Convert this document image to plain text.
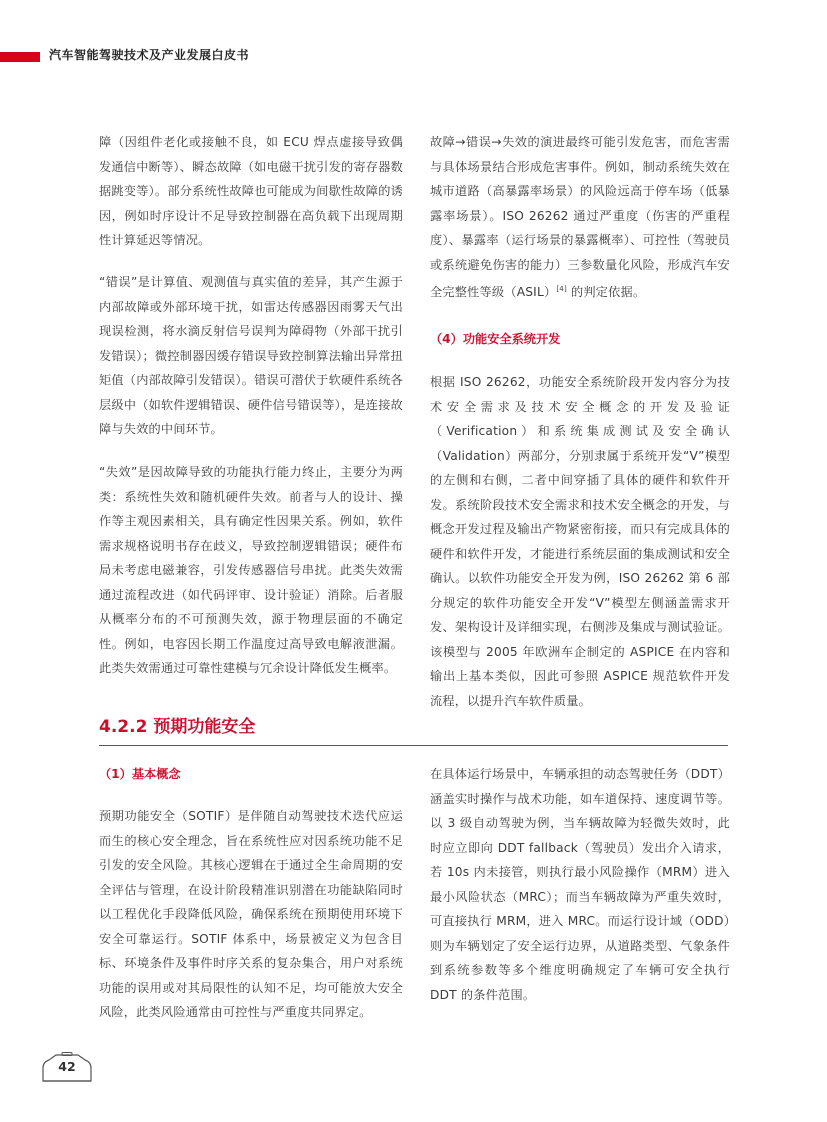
汽车智能驾驶技术及产业发展白皮书

障（因组件老化或接触不良，如 ECU 焊点虚接导致偶发通信中断等）、瞬态故障（如电磁干扰引发的寄存器数据跳变等）。部分系统性故障也可能成为间歇性故障的诱因，例如时序设计不足导致控制器在高负载下出现周期性计算延迟等情况。

“错误”是计算值、观测值与真实值的差异，其产生源于内部故障或外部环境干扰，如雷达传感器因雨雾天气出现误检测，将水滴反射信号误判为障碍物（外部干扰引发错误）；微控制器因缓存错误导致控制算法输出异常扭矩值（内部故障引发错误）。错误可潜伏于软硬件系统各层级中（如软件逻辑错误、硬件信号错误等），是连接故障与失效的中间环节。

“失效”是因故障导致的功能执行能力终止，主要分为两类：系统性失效和随机硬件失效。前者与人的设计、操作等主观因素相关，具有确定性因果关系。例如，软件需求规格说明书存在歧义，导致控制逻辑错误；硬件布局未考虑电磁兼容，引发传感器信号串扰。此类失效需通过流程改进（如代码评审、设计验证）消除。后者服从概率分布的不可预测失效，源于物理层面的不确定性。例如，电容因长期工作温度过高导致电解液泄漏。此类失效需通过可靠性建模与冗余设计降低发生概率。

故障→错误→失效的演进最终可能引发危害，而危害需与具体场景结合形成危害事件。例如，制动系统失效在城市道路（高暴露率场景）的风险远高于停车场（低暴露率场景）。ISO 26262 通过严重度（伤害的严重程度）、暴露率（运行场景的暴露概率）、可控性（驾驶员或系统避免伤害的能力）三参数量化风险，形成汽车安全完整性等级（ASIL）[4] 的判定依据。

（4）功能安全系统开发

根据 ISO 26262，功能安全系统阶段开发内容分为技术安全需求及技术安全概念的开发及验证（Verification）和系统集成测试及安全确认（Validation）两部分，分别隶属于系统开发“V”模型的左侧和右侧，二者中间穿插了具体的硬件和软件开发。系统阶段技术安全需求和技术安全概念的开发，与概念开发过程及输出产物紧密衔接，而只有完成具体的硬件和软件开发，才能进行系统层面的集成测试和安全确认。以软件功能安全开发为例，ISO 26262 第 6 部分规定的软件功能安全开发“V”模型左侧涵盖需求开发、架构设计及详细实现，右侧涉及集成与测试验证。该模型与 2005 年欧洲车企制定的 ASPICE 在内容和输出上基本类似，因此可参照 ASPICE 规范软件开发流程，以提升汽车软件质量。

4.2.2 预期功能安全

（1）基本概念

预期功能安全（SOTIF）是伴随自动驾驶技术迭代应运而生的核心安全理念，旨在系统性应对因系统功能不足引发的安全风险。其核心逻辑在于通过全生命周期的安全评估与管理，在设计阶段精准识别潜在功能缺陷同时以工程优化手段降低风险，确保系统在预期使用环境下安全可靠运行。SOTIF 体系中，场景被定义为包含目标、环境条件及事件时序关系的复杂集合，用户对系统功能的误用或对其局限性的认知不足，均可能放大安全风险，此类风险通常由可控性与严重度共同界定。

在具体运行场景中，车辆承担的动态驾驶任务（DDT）涵盖实时操作与战术功能，如车道保持、速度调节等。以 3 级自动驾驶为例，当车辆故障为轻微失效时，此时应立即向 DDT fallback（驾驶员）发出介入请求，若 10s 内未接管，则执行最小风险操作（MRM）进入最小风险状态（MRC）；而当车辆故障为严重失效时，可直接执行 MRM，进入 MRC。而运行设计域（ODD）则为车辆划定了安全运行边界，从道路类型、气象条件到系统参数等多个维度明确规定了车辆可安全执行 DDT 的条件范围。

42
